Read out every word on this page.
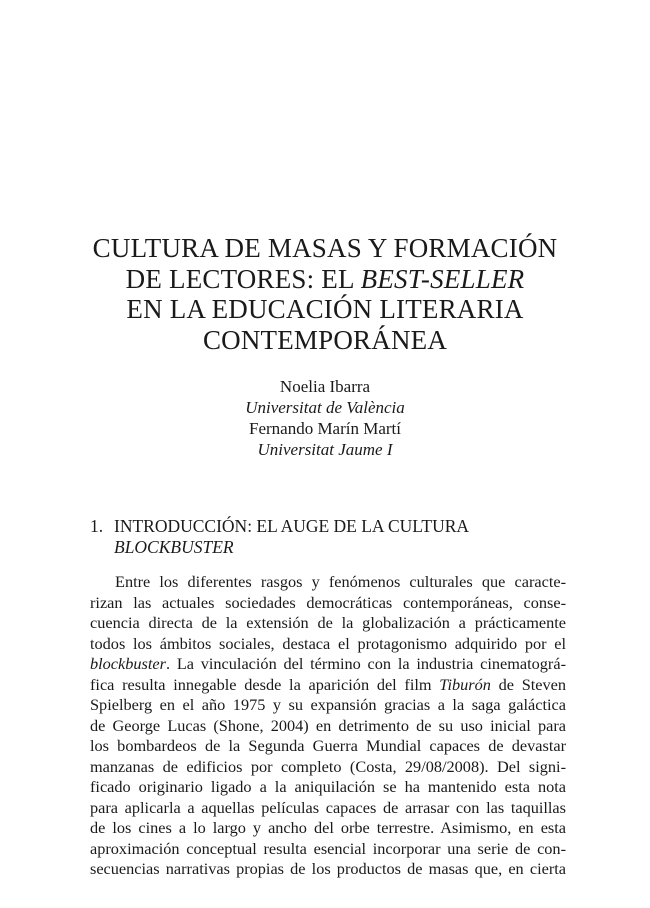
CULTURA DE MASAS Y FORMACIÓN
DE LECTORES: EL BEST-SELLER
EN LA EDUCACIÓN LITERARIA
CONTEMPORÁNEA
Noelia Ibarra
Universitat de València
Fernando Marín Martí
Universitat Jaume I
1. INTRODUCCIÓN: EL AUGE DE LA CULTURA
BLOCKBUSTER
Entre los diferentes rasgos y fenómenos culturales que caracte-
rizan las actuales sociedades democráticas contemporáneas, conse-
cuencia directa de la extensión de la globalización a prácticamente
todos los ámbitos sociales, destaca el protagonismo adquirido por el
blockbuster. La vinculación del término con la industria cinematográ-
fica resulta innegable desde la aparición del film Tiburón de Steven
Spielberg en el año 1975 y su expansión gracias a la saga galáctica
de George Lucas (Shone, 2004) en detrimento de su uso inicial para
los bombardeos de la Segunda Guerra Mundial capaces de devastar
manzanas de edificios por completo (Costa, 29/08/2008). Del signi-
ficado originario ligado a la aniquilación se ha mantenido esta nota
para aplicarla a aquellas películas capaces de arrasar con las taquillas
de los cines a lo largo y ancho del orbe terrestre. Asimismo, en esta
aproximación conceptual resulta esencial incorporar una serie de con-
secuencias narrativas propias de los productos de masas que, en cierta
